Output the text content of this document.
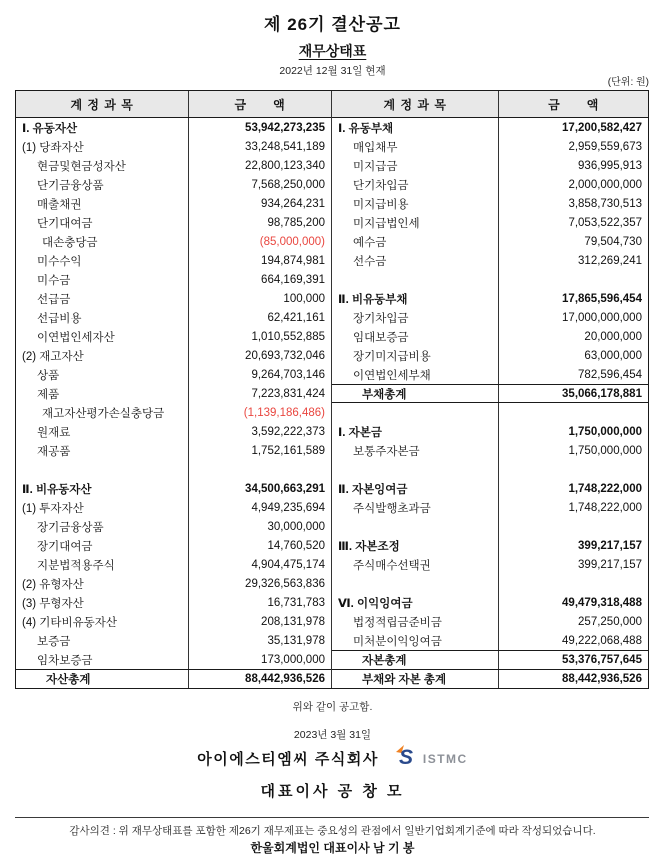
제 26기 결산공고
재무상태표
2022년 12월 31일 현재
(단위: 원)
계 정 과 목	금      액
Ⅰ. 유동자산	53,942,273,235
(1) 당좌자산	33,248,541,189
현금및현금성자산	22,800,123,340
단기금융상품	7,568,250,000
매출채권	934,264,231
단기대여금	98,785,200
대손충당금	(85,000,000)
미수수익	194,874,981
미수금	664,169,391
선급금	100,000
선급비용	62,421,161
이연법인세자산	1,010,552,885
(2) 재고자산	20,693,732,046
상품	9,264,703,146
제품	7,223,831,424
재고자산평가손실충당금	(1,139,186,486)
원재료	3,592,222,373
재공품	1,752,161,589
Ⅱ. 비유동자산	34,500,663,291
(1) 투자자산	4,949,235,694
장기금융상품	30,000,000
장기대여금	14,760,520
지분법적용주식	4,904,475,174
(2) 유형자산	29,326,563,836
(3) 무형자산	16,731,783
(4) 기타비유동자산	208,131,978
보증금	35,131,978
임차보증금	173,000,000
자산총계	88,442,936,526
계 정 과 목	금      액
Ⅰ. 유동부채	17,200,582,427
매입채무	2,959,559,673
미지급금	936,995,913
단기차입금	2,000,000,000
미지급비용	3,858,730,513
미지급법인세	7,053,522,357
예수금	79,504,730
선수금	312,269,241
Ⅱ. 비유동부채	17,865,596,454
장기차입금	17,000,000,000
임대보증금	20,000,000
장기미지급비용	63,000,000
이연법인세부채	782,596,454
부채총계	35,066,178,881
Ⅰ. 자본금	1,750,000,000
보통주자본금	1,750,000,000
Ⅱ. 자본잉여금	1,748,222,000
주식발행초과금	1,748,222,000
Ⅲ. 자본조정	399,217,157
주식매수선택권	399,217,157
Ⅵ. 이익잉여금	49,479,318,488
법정적립금준비금	257,250,000
미처분이익잉여금	49,222,068,488
자본총계	53,376,757,645
부채와 자본 총계	88,442,936,526
위와 같이 공고함.
2023년 3월 31일
아이에스티엠씨 주식회사 S ISTMC
대표이사 공 창 모
감사의견 : 위 재무상태표를 포함한 제26기 재무제표는 중요성의 관점에서 일반기업회계기준에 따라 작성되었습니다.
한울회계법인 대표이사 남 기 봉
